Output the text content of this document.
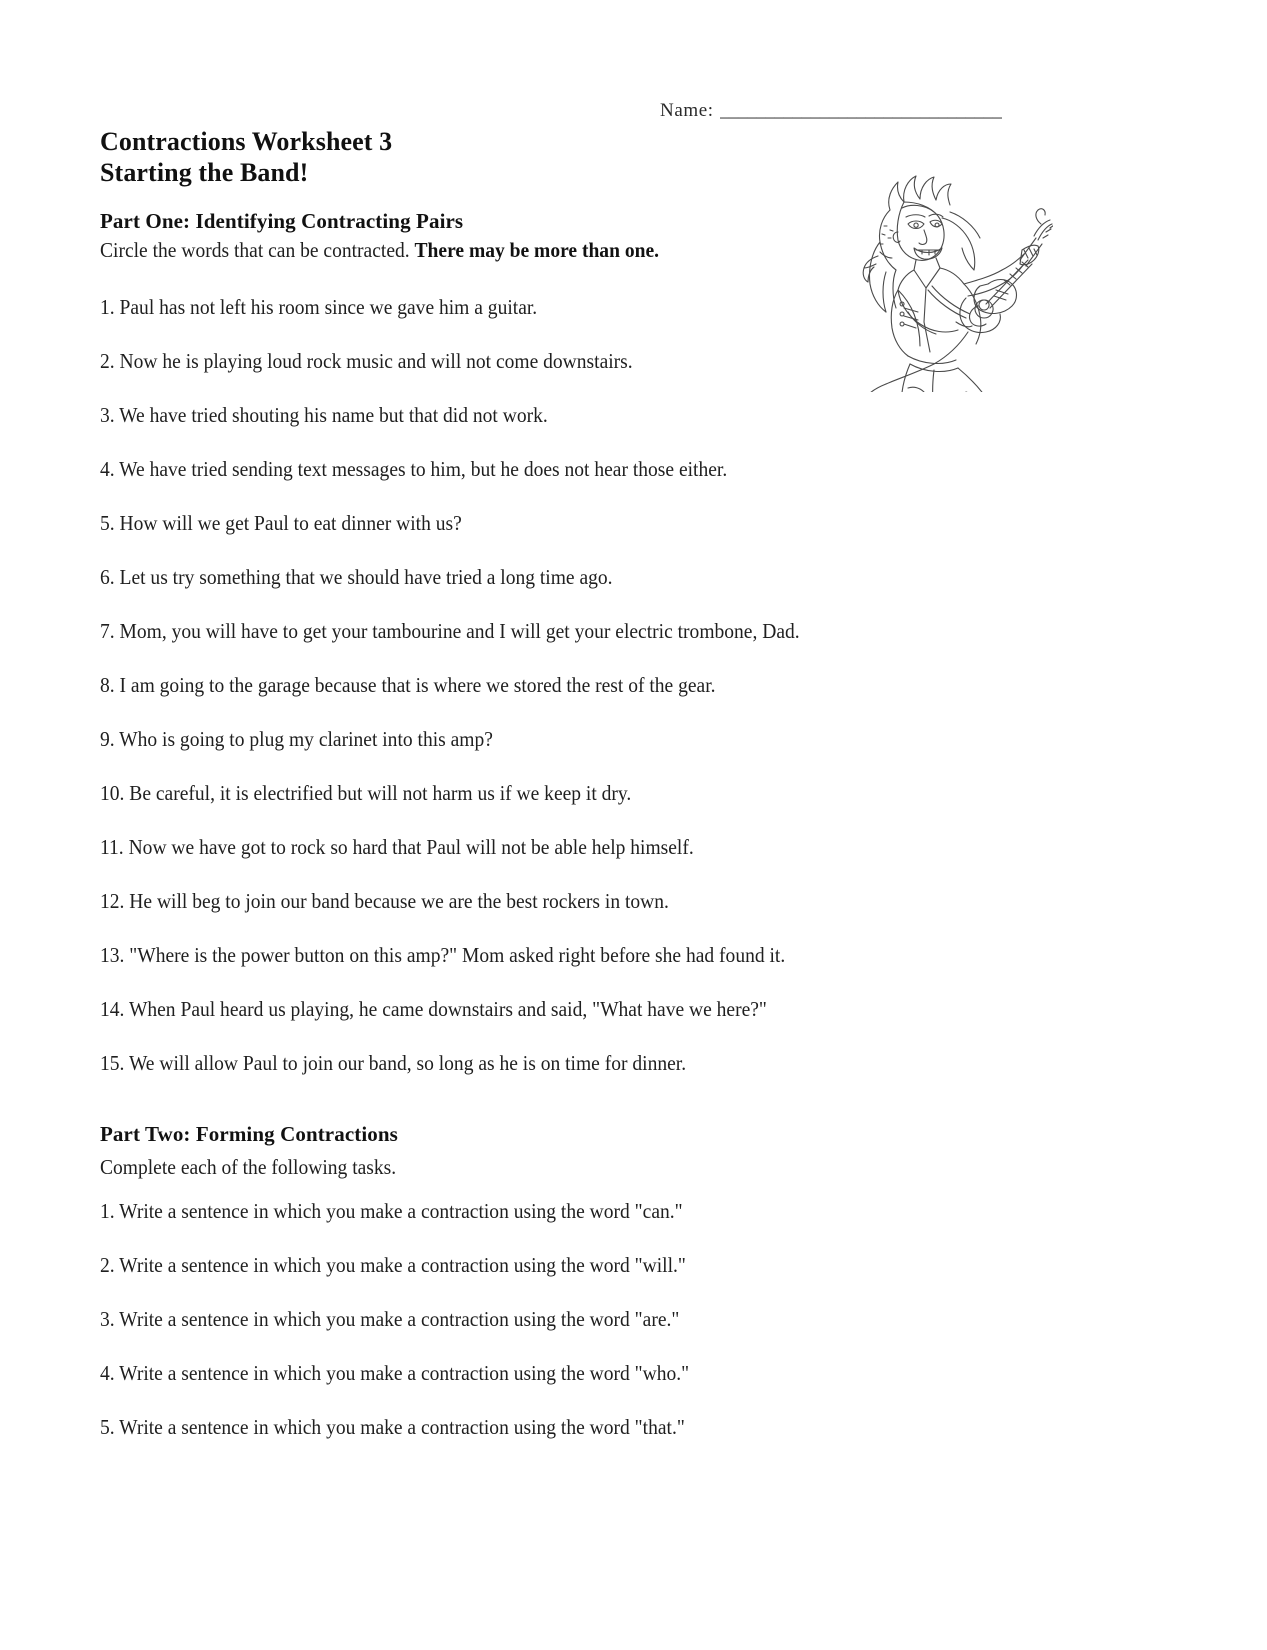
Name: _______________________________
Contractions Worksheet 3
Starting the Band!
Part One: Identifying Contracting Pairs
Circle the words that can be contracted. There may be more than one.
1. Paul has not left his room since we gave him a guitar.
2. Now he is playing loud rock music and will not come downstairs.
3. We have tried shouting his name but that did not work.
4. We have tried sending text messages to him, but he does not hear those either.
5. How will we get Paul to eat dinner with us?
6. Let us try something that we should have tried a long time ago.
7. Mom, you will have to get your tambourine and I will get your electric trombone, Dad.
8. I am going to the garage because that is where we stored the rest of the gear.
9. Who is going to plug my clarinet into this amp?
10. Be careful, it is electrified but will not harm us if we keep it dry.
11. Now we have got to rock so hard that Paul will not be able help himself.
12. He will beg to join our band because we are the best rockers in town.
13. "Where is the power button on this amp?" Mom asked right before she had found it.
14. When Paul heard us playing, he came downstairs and said, "What have we here?"
15. We will allow Paul to join our band, so long as he is on time for dinner.
Part Two: Forming Contractions
Complete each of the following tasks.
1. Write a sentence in which you make a contraction using the word "can."
2. Write a sentence in which you make a contraction using the word "will."
3. Write a sentence in which you make a contraction using the word "are."
4. Write a sentence in which you make a contraction using the word "who."
5. Write a sentence in which you make a contraction using the word "that."
